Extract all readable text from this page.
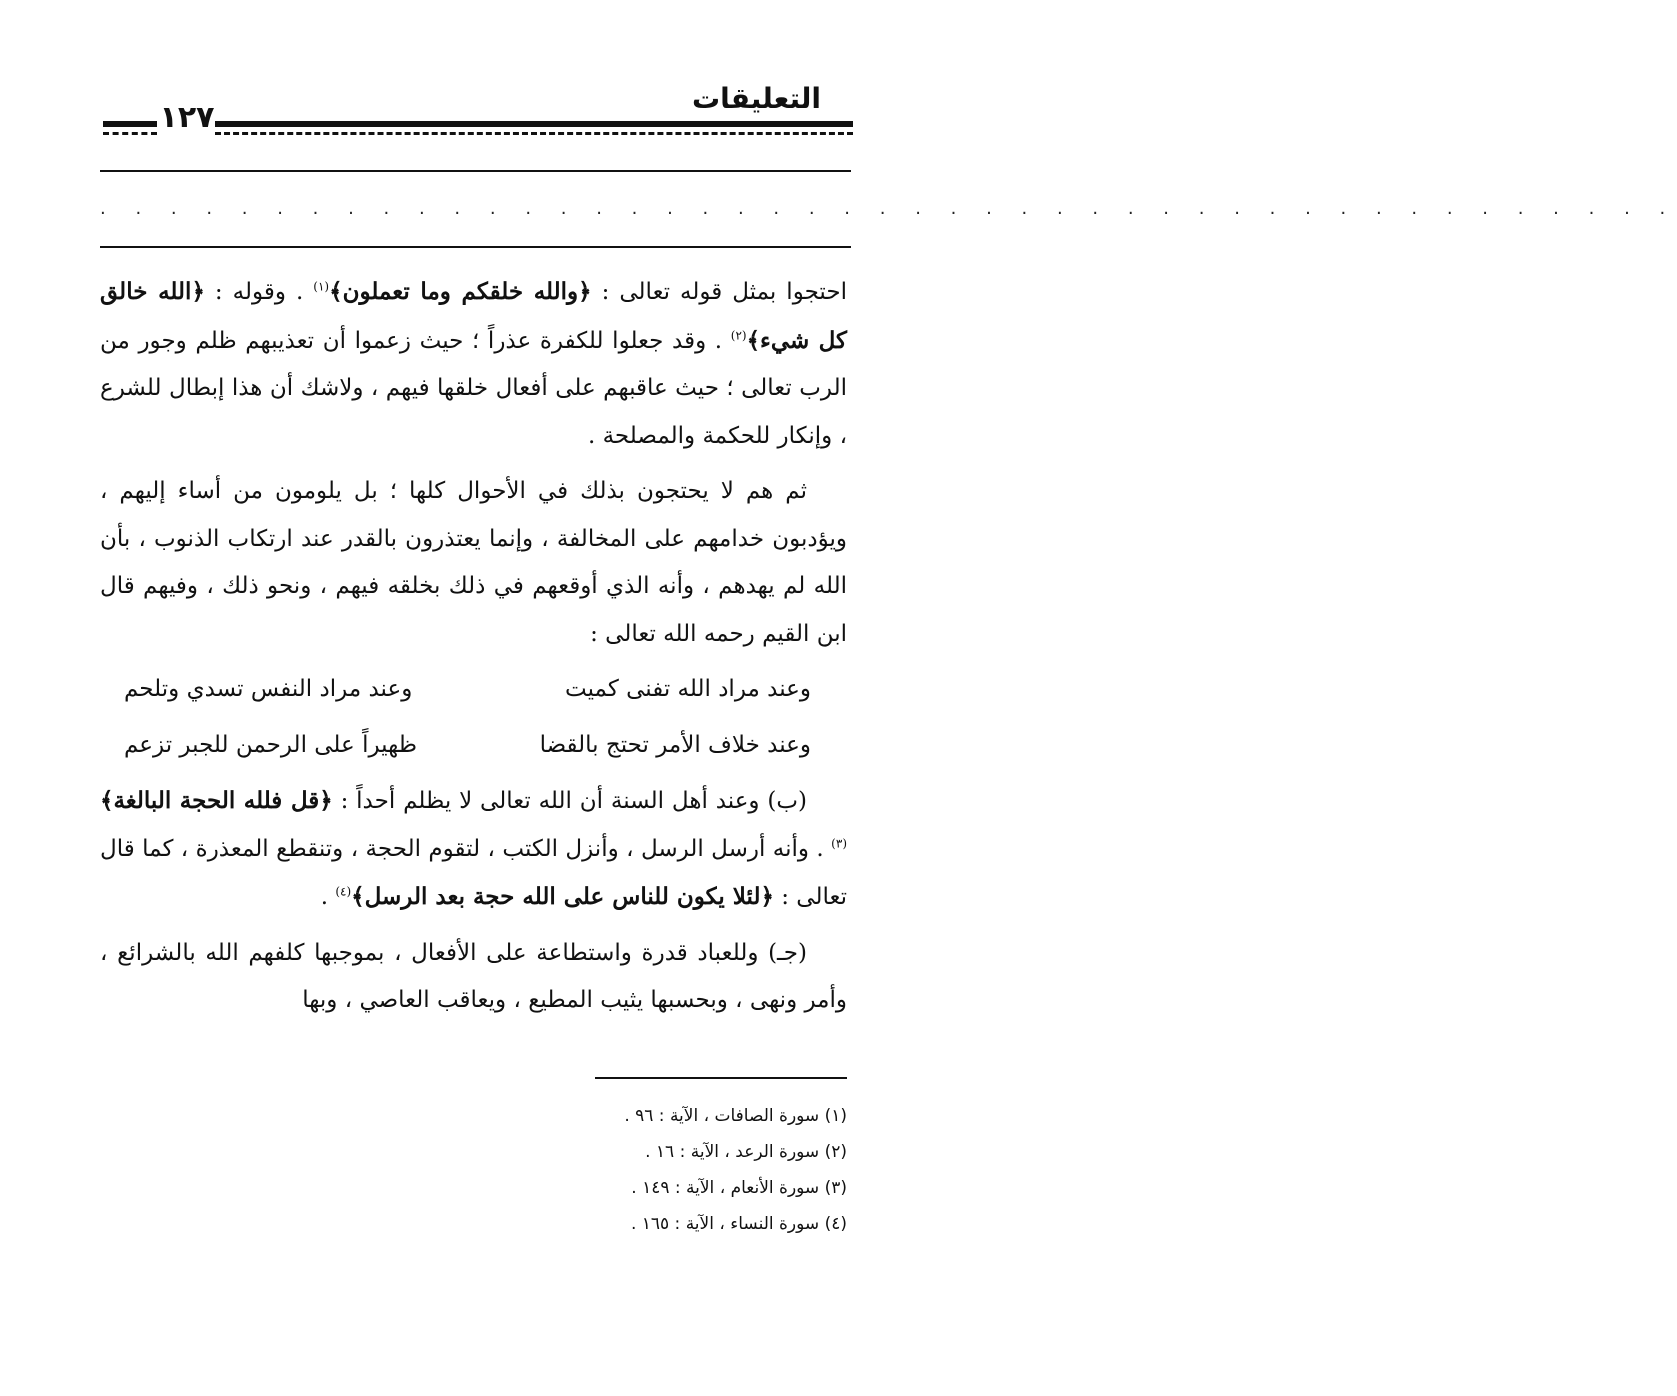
التعليقات
١٢٧
. . . . . . . . . . . . . . . . . . . . . . . . . . . . . . . . . . . . . . . . . . . . .

احتجوا بمثل قوله تعالى : ﴿والله خلقكم وما تعملون﴾$^{(١)}$ . وقوله : ﴿الله خالق كل شيء﴾$^{(٢)}$ . وقد جعلوا للكفرة عذراً ؛ حيث زعموا أن تعذيبهم ظلم وجور من الرب تعالى ؛ حيث عاقبهم على أفعال خلقها فيهم ، ولاشك أن هذا إبطال للشرع ، وإنكار للحكمة والمصلحة .

ثم هم لا يحتجون بذلك في الأحوال كلها ؛ بل يلومون من أساء إليهم ، ويؤدبون خدامهم على المخالفة ، وإنما يعتذرون بالقدر عند ارتكاب الذنوب ، بأن الله لم يهدهم ، وأنه الذي أوقعهم في ذلك بخلقه فيهم ، ونحو ذلك ، وفيهم قال ابن القيم رحمه الله تعالى :

وعند مراد الله تفنى كميت
وعند مراد النفس تسدي وتلحم
وعند خلاف الأمر تحتج بالقضا
ظهيراً على الرحمن للجبر تزعم

(ب) وعند أهل السنة أن الله تعالى لا يظلم أحداً : ﴿قل فلله الحجة البالغة﴾$^{(٣)}$ . وأنه أرسل الرسل ، وأنزل الكتب ، لتقوم الحجة ، وتنقطع المعذرة ، كما قال تعالى : ﴿لئلا يكون للناس على الله حجة بعد الرسل﴾$^{(٤)}$ .

(جـ) وللعباد قدرة واستطاعة على الأفعال ، بموجبها كلفهم الله بالشرائع ، وأمر ونهى ، وبحسبها يثيب المطيع ، ويعاقب العاصي ، وبها

(١) سورة الصافات ، الآية : ٩٦ .
(٢) سورة الرعد ، الآية : ١٦ .
(٣) سورة الأنعام ، الآية : ١٤٩ .
(٤) سورة النساء ، الآية : ١٦٥ .
